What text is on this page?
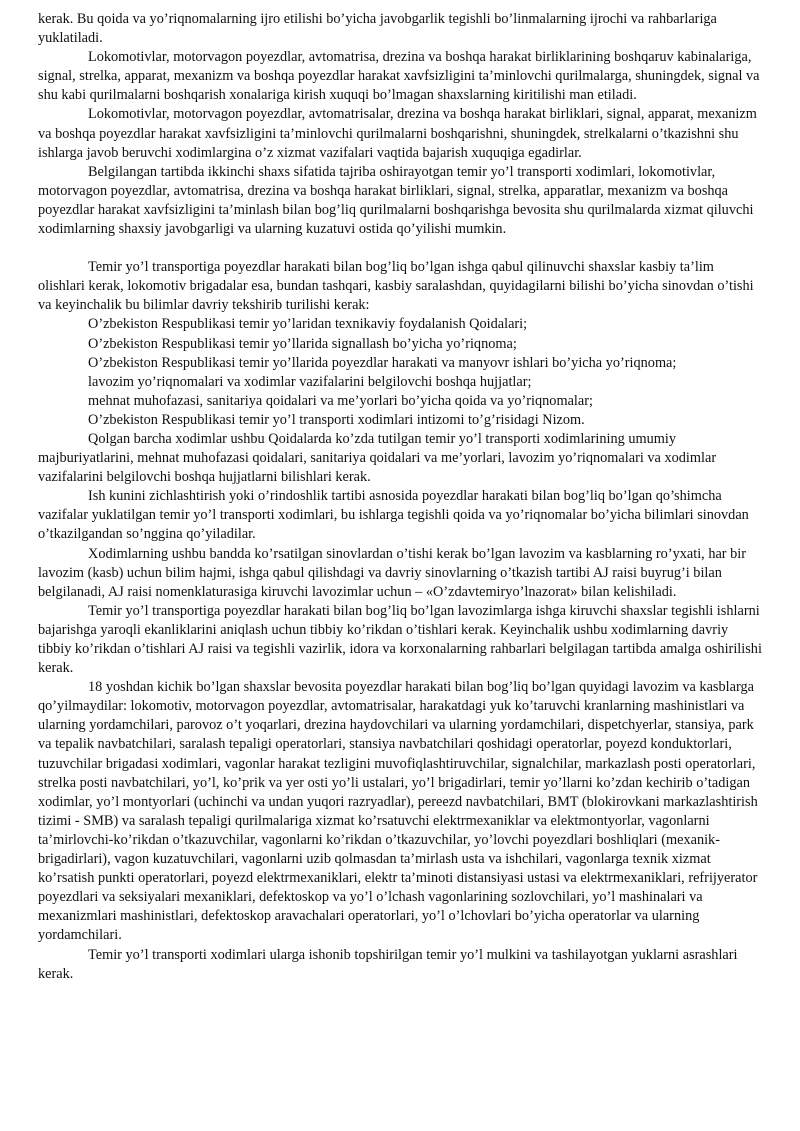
kerak. Bu qoida va yo’riqnomalarning ijro etilishi bo’yicha javobgarlik tegishli bo’linmalarning ijrochi va rahbarlariga yuklatiladi.

Lokomotivlar, motorvagon poyezdlar, avtomatrisa, drezina va boshqa harakat birliklarining boshqaruv kabinalariga, signal, strelka, apparat, mexanizm va boshqa poyezdlar harakat xavfsizligini ta’minlovchi qurilmalarga, shuningdek, signal va shu kabi qurilmalarni boshqarish xonalariga kirish xuquqi bo’lmagan shaxslarning kiritilishi man etiladi.

Lokomotivlar, motorvagon poyezdlar, avtomatrisalar, drezina va boshqa harakat birliklari, signal, apparat, mexanizm va boshqa poyezdlar harakat xavfsizligini ta’minlovchi qurilmalarni boshqarishni, shuningdek, strelkalarni o’tkazishni shu ishlarga javob beruvchi xodimlargina o’z xizmat vazifalari vaqtida bajarish xuquqiga egadirlar.

Belgilangan tartibda ikkinchi shaxs sifatida tajriba oshirayotgan temir yo’l transporti xodimlari, lokomotivlar, motorvagon poyezdlar, avtomatrisa, drezina va boshqa harakat birliklari, signal, strelka, apparatlar, mexanizm va boshqa poyezdlar harakat xavfsizligini ta’minlash bilan bog’liq qurilmalarni boshqarishga bevosita shu qurilmalarda xizmat qiluvchi xodimlarning shaxsiy javobgarligi va ularning kuzatuvi ostida qo’yilishi mumkin.

Temir yo’l transportiga poyezdlar harakati bilan bog’liq bo’lgan ishga qabul qilinuvchi shaxslar kasbiy ta’lim olishlari kerak, lokomotiv brigadalar esa, bundan tashqari, kasbiy saralashdan, quyidagilarni bilishi bo’yicha sinovdan o’tishi va keyinchalik bu bilimlar davriy tekshirib turilishi kerak:

O’zbekiston Respublikasi temir yo’laridan texnikaviy foydalanish Qoidalari;

O’zbekiston Respublikasi temir yo’llarida signallash bo’yicha yo’riqnoma;

O’zbekiston Respublikasi temir yo’llarida poyezdlar harakati va manyovr ishlari bo’yicha yo’riqnoma;

lavozim yo’riqnomalari va xodimlar vazifalarini belgilovchi boshqa hujjatlar;

mehnat muhofazasi, sanitariya qoidalari va me’yorlari bo’yicha qoida va yo’riqnomalar;

O’zbekiston Respublikasi temir yo’l transporti xodimlari intizomi to’g’risidagi Nizom.

Qolgan barcha xodimlar ushbu Qoidalarda ko’zda tutilgan temir yo’l transporti xodimlarining umumiy majburiyatlarini, mehnat muhofazasi qoidalari, sanitariya qoidalari va me’yorlari, lavozim yo’riqnomalari va xodimlar vazifalarini belgilovchi boshqa hujjatlarni bilishlari kerak.

Ish kunini zichlashtirish yoki o’rindoshlik tartibi asnosida poyezdlar harakati bilan bog’liq bo’lgan qo’shimcha vazifalar yuklatilgan temir yo’l transporti xodimlari, bu ishlarga tegishli qoida va yo’riqnomalar bo’yicha bilimlari sinovdan o’tkazilgandan so’nggina qo’yiladilar.

Xodimlarning ushbu bandda ko’rsatilgan sinovlardan o’tishi kerak bo’lgan lavozim va kasblarning ro’yxati, har bir lavozim (kasb) uchun bilim hajmi, ishga qabul qilishdagi va davriy sinovlarning o’tkazish tartibi AJ raisi buyrug’i bilan belgilanadi, AJ raisi nomenklaturasiga kiruvchi lavozimlar uchun – «O’zdavtemiryo’lnazorat» bilan kelishiladi.

Temir yo’l transportiga poyezdlar harakati bilan bog’liq bo’lgan lavozimlarga ishga kiruvchi shaxslar tegishli ishlarni bajarishga yaroqli ekanliklarini aniqlash uchun tibbiy ko’rikdan o’tishlari kerak. Keyinchalik ushbu xodimlarning davriy tibbiy ko’rikdan o’tishlari AJ raisi va tegishli vazirlik, idora va korxonalarning rahbarlari belgilagan tartibda amalga oshirilishi kerak.

18 yoshdan kichik bo’lgan shaxslar bevosita poyezdlar harakati bilan bog’liq bo’lgan quyidagi lavozim va kasblarga qo’yilmaydilar: lokomotiv, motorvagon poyezdlar, avtomatrisalar, harakatdagi yuk ko’taruvchi kranlarning mashinistlari va ularning yordamchilari, parovoz o’t yoqarlari, drezina haydovchilari va ularning yordamchilari, dispetchyerlar, stansiya, park va tepalik navbatchilari, saralash tepaligi operatorlari, stansiya navbatchilari qoshidagi operatorlar, poyezd konduktorlari, tuzuvchilar brigadasi xodimlari, vagonlar harakat tezligini muvofiqlashtiruvchilar, signalchilar, markazlash posti operatorlari, strelka posti navbatchilari, yo’l, ko’prik va yer osti yo’li ustalari, yo’l brigadirlari, temir yo’llarni ko’zdan kechirib o’tadigan xodimlar, yo’l montyorlari (uchinchi va undan yuqori razryadlar), pereezd navbatchilari, BMT (blokirovkani markazlashtirish tizimi - SMB) va saralash tepaligi qurilmalariga xizmat ko’rsatuvchi elektrmexaniklar va elektmontyorlar, vagonlarni ta’mirlovchi-ko’rikdan o’tkazuvchilar, vagonlarni ko’rikdan o’tkazuvchilar, yo’lovchi poyezdlari boshliqlari (mexanik-brigadirlari), vagon kuzatuvchilari, vagonlarni uzib qolmasdan ta’mirlash usta va ishchilari, vagonlarga texnik xizmat ko’rsatish punkti operatorlari, poyezd elektrmexaniklari, elektr ta’minoti distansiyasi ustasi va elektrmexaniklari, refrijyerator poyezdlari va seksiyalari mexaniklari, defektoskop va yo’l o’lchash vagonlarining sozlovchilari, yo’l mashinalari va mexanizmlari mashinistlari, defektoskop aravachalari operatorlari, yo’l o’lchovlari bo’yicha operatorlar va ularning yordamchilari.

Temir yo’l transporti xodimlari ularga ishonib topshirilgan temir yo’l mulkini va tashilayotgan yuklarni asrashlari kerak.
